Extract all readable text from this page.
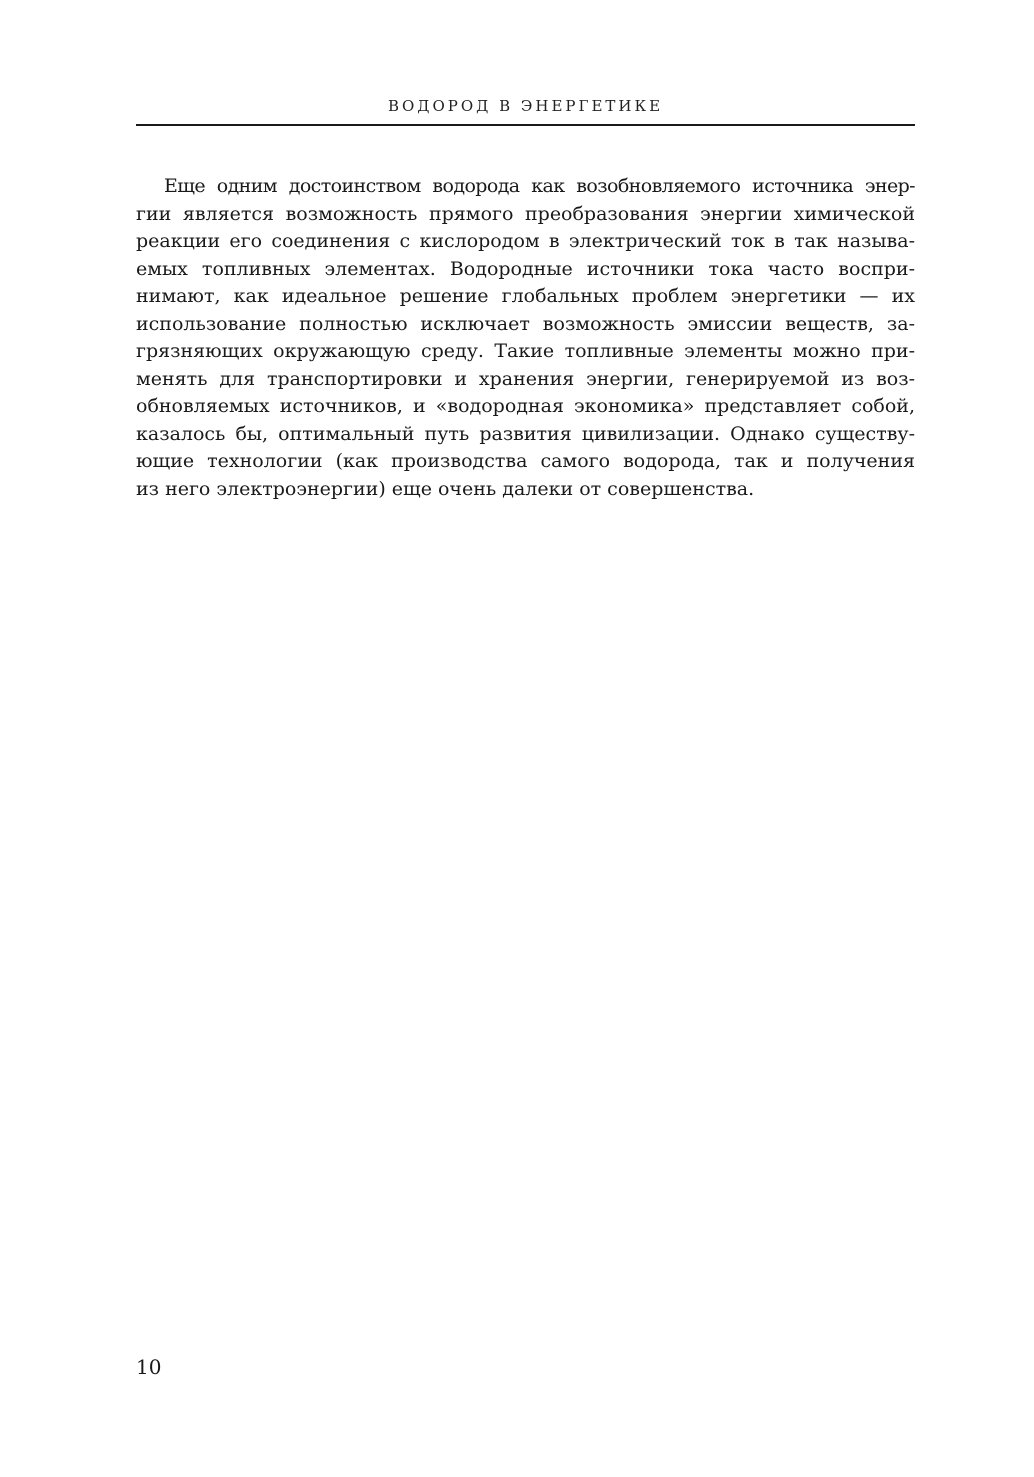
ВОДОРОД В ЭНЕРГЕТИКЕ
Еще одним достоинством водорода как возобновляемого источника энер-
гии является возможность прямого преобразования энергии химической
реакции его соединения с кислородом в электрический ток в так называ-
емых топливных элементах. Водородные источники тока часто воспри-
нимают, как идеальное решение глобальных проблем энергетики — их
использование полностью исключает возможность эмиссии веществ, за-
грязняющих окружающую среду. Такие топливные элементы можно при-
менять для транспортировки и хранения энергии, генерируемой из воз-
обновляемых источников, и «водородная экономика» представляет собой,
казалось бы, оптимальный путь развития цивилизации. Однако существу-
ющие технологии (как производства самого водорода, так и получения
из него электроэнергии) еще очень далеки от совершенства.
10
